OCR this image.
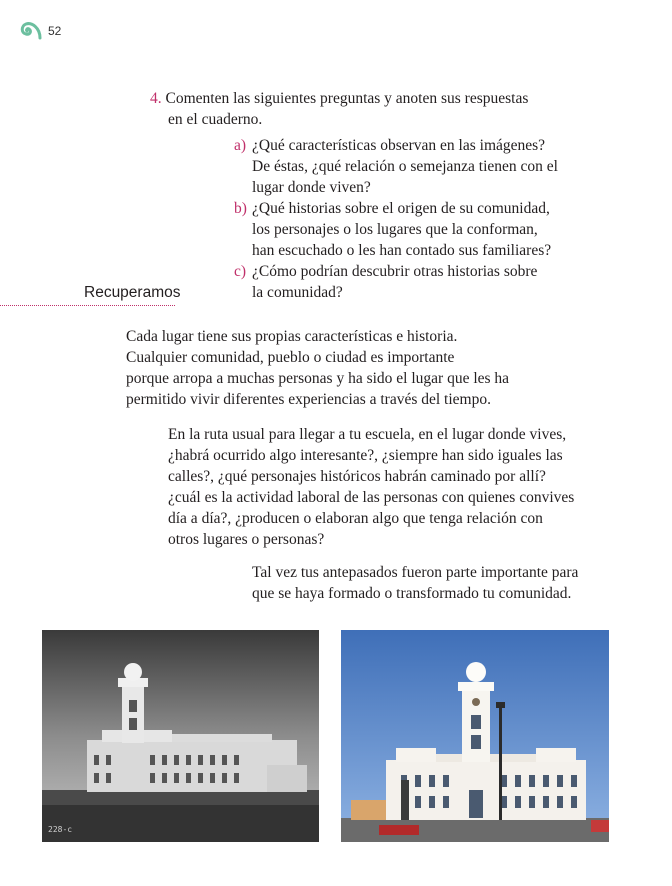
52
4. Comenten las siguientes preguntas y anoten sus respuestas
en el cuaderno.
a) ¿Qué características observan en las imágenes?
De éstas, ¿qué relación o semejanza tienen con el
lugar donde viven?
b) ¿Qué historias sobre el origen de su comunidad,
los personajes o los lugares que la conforman,
han escuchado o les han contado sus familiares?
c) ¿Cómo podrían descubrir otras historias sobre
la comunidad?
Recuperamos
Cada lugar tiene sus propias características e historia.
Cualquier comunidad, pueblo o ciudad es importante
porque arropa a muchas personas y ha sido el lugar que les ha
permitido vivir diferentes experiencias a través del tiempo.
En la ruta usual para llegar a tu escuela, en el lugar donde vives,
¿habrá ocurrido algo interesante?, ¿siempre han sido iguales las
calles?, ¿qué personajes históricos habrán caminado por allí?
¿cuál es la actividad laboral de las personas con quienes convives
día a día?, ¿producen o elaboran algo que tenga relación con
otros lugares o personas?
Tal vez tus antepasados fueron parte importante para
que se haya formado o transformado tu comunidad.
228-c
